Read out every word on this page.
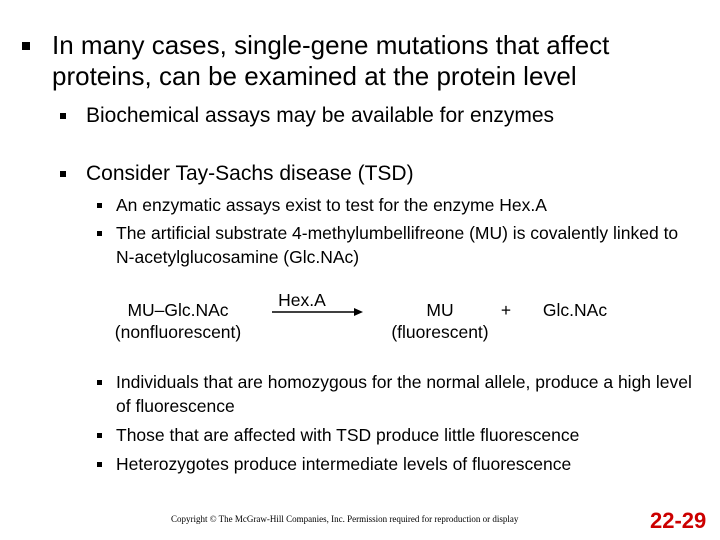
In many cases, single-gene mutations that affect proteins, can be examined at the protein level
Biochemical assays may be available for enzymes
Consider Tay-Sachs disease (TSD)
An enzymatic assays exist to test for the enzyme Hex.A
The artificial substrate 4-methylumbellifreone (MU) is covalently linked to N-acetylglucosamine (Glc.NAc)
MU–Glc.NAc
(nonfluorescent)
Hex.A	MU	+
(fluorescent)
Glc.NAc
Individuals that are homozygous for the normal allele, produce a high level of fluorescence
Those that are affected with TSD produce little fluorescence
Heterozygotes produce intermediate levels of fluorescence
Copyright © The McGraw-Hill Companies, Inc. Permission required for reproduction or display	22-29
